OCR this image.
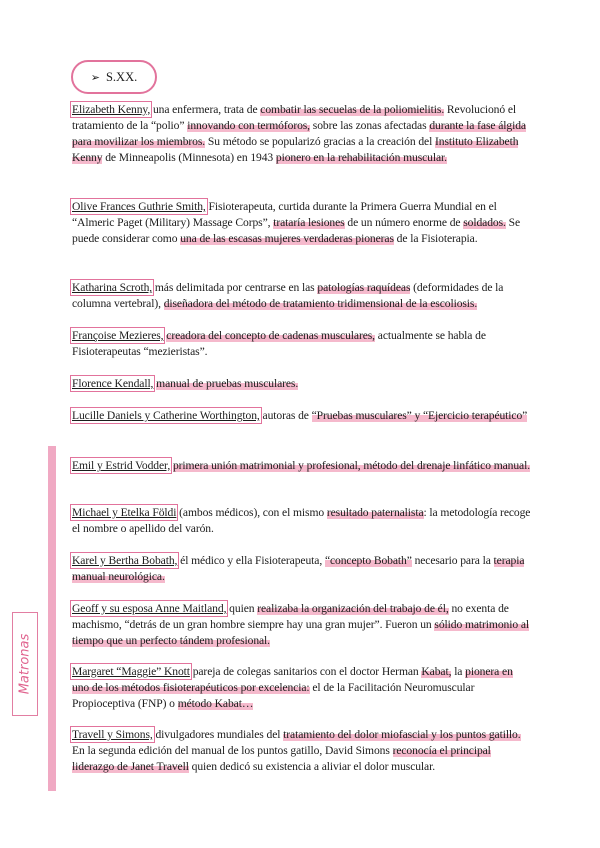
➢ S.XX.
Matronas
Elizabeth Kenny, una enfermera, trata de combatir las secuelas de la poliomielitis. Revolucionó el tratamiento de la “polio” innovando con termóforos, sobre las zonas afectadas durante la fase álgida para movilizar los miembros. Su método se popularizó gracias a la creación del Instituto Elizabeth Kenny de Minneapolis (Minnesota) en 1943 pionero en la rehabilitación muscular.
Olive Frances Guthrie Smith, Fisioterapeuta, curtida durante la Primera Guerra Mundial en el “Almeric Paget (Military) Massage Corps”, trataría lesiones de un número enorme de soldados. Se puede considerar como una de las escasas mujeres verdaderas pioneras de la Fisioterapia.
Katharina Scroth, más delimitada por centrarse en las patologías raquídeas (deformidades de la columna vertebral), diseñadora del método de tratamiento tridimensional de la escoliosis.
Françoise Mezieres, creadora del concepto de cadenas musculares, actualmente se habla de Fisioterapeutas “mezieristas”.
Florence Kendall, manual de pruebas musculares.
Lucille Daniels y Catherine Worthington, autoras de “Pruebas musculares” y “Ejercicio terapéutico”
Emil y Estrid Vodder, primera unión matrimonial y profesional, método del drenaje linfático manual.
Michael y Etelka Földi (ambos médicos), con el mismo resultado paternalista: la metodología recoge el nombre o apellido del varón.
Karel y Bertha Bobath, él médico y ella Fisioterapeuta, “concepto Bobath” necesario para la terapia manual neurológica.
Geoff y su esposa Anne Maitland, quien realizaba la organización del trabajo de él, no exenta de machismo, “detrás de un gran hombre siempre hay una gran mujer”. Fueron un sólido matrimonio al tiempo que un perfecto tándem profesional.
Margaret “Maggie” Knott pareja de colegas sanitarios con el doctor Herman Kabat, la pionera en uno de los métodos fisioterapéuticos por excelencia: el de la Facilitación Neuromuscular Propioceptiva (FNP) o método Kabat…
Travell y Simons, divulgadores mundiales del tratamiento del dolor miofascial y los puntos gatillo. En la segunda edición del manual de los puntos gatillo, David Simons reconocía el principal liderazgo de Janet Travell quien dedicó su existencia a aliviar el dolor muscular.
